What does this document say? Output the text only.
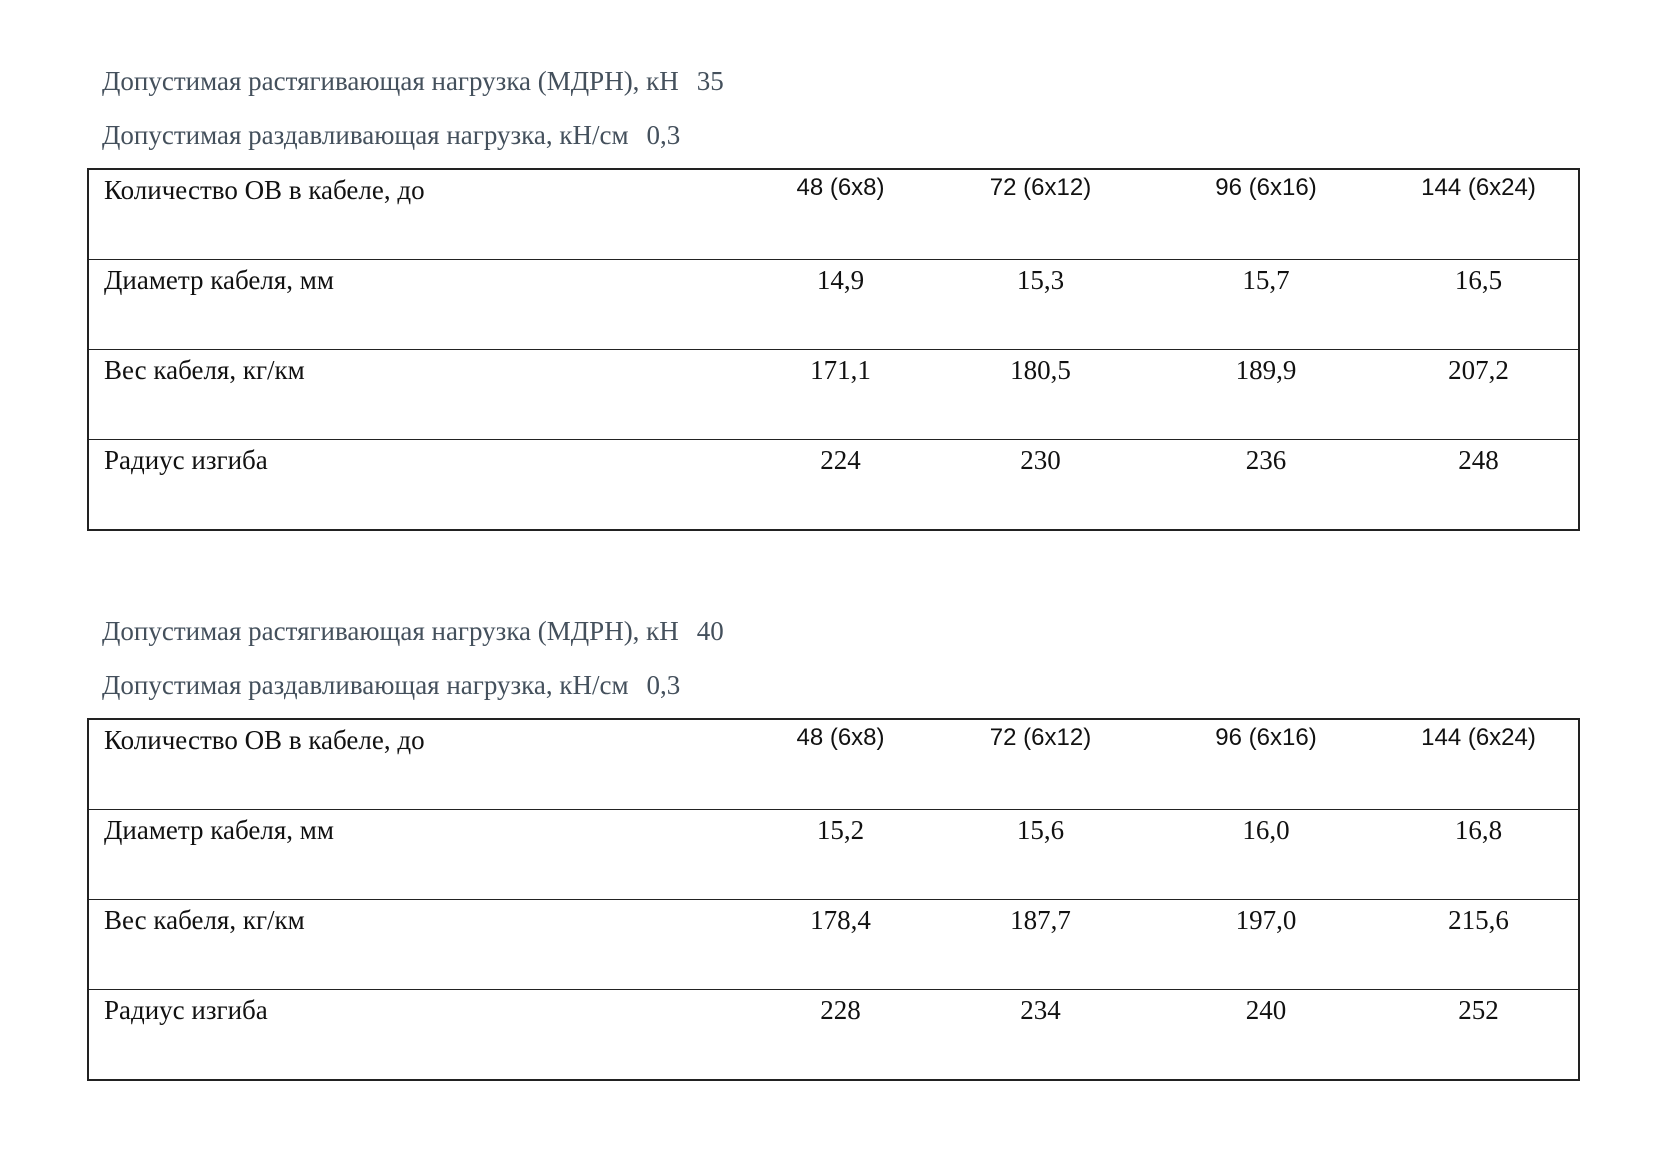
Допустимая растягивающая нагрузка (МДРН), кН 35
Допустимая раздавливающая нагрузка, кН/см 0,3
Количество ОВ в кабеле, до	48 (6х8)	72 (6х12)	96 (6х16)	144 (6х24)
Диаметр кабеля, мм	14,9	15,3	15,7	16,5
Вес кабеля, кг/км	171,1	180,5	189,9	207,2
Радиус изгиба	224	230	236	248
Допустимая растягивающая нагрузка (МДРН), кН 40
Допустимая раздавливающая нагрузка, кН/см 0,3
Количество ОВ в кабеле, до	48 (6х8)	72 (6х12)	96 (6х16)	144 (6х24)
Диаметр кабеля, мм	15,2	15,6	16,0	16,8
Вес кабеля, кг/км	178,4	187,7	197,0	215,6
Радиус изгиба	228	234	240	252
